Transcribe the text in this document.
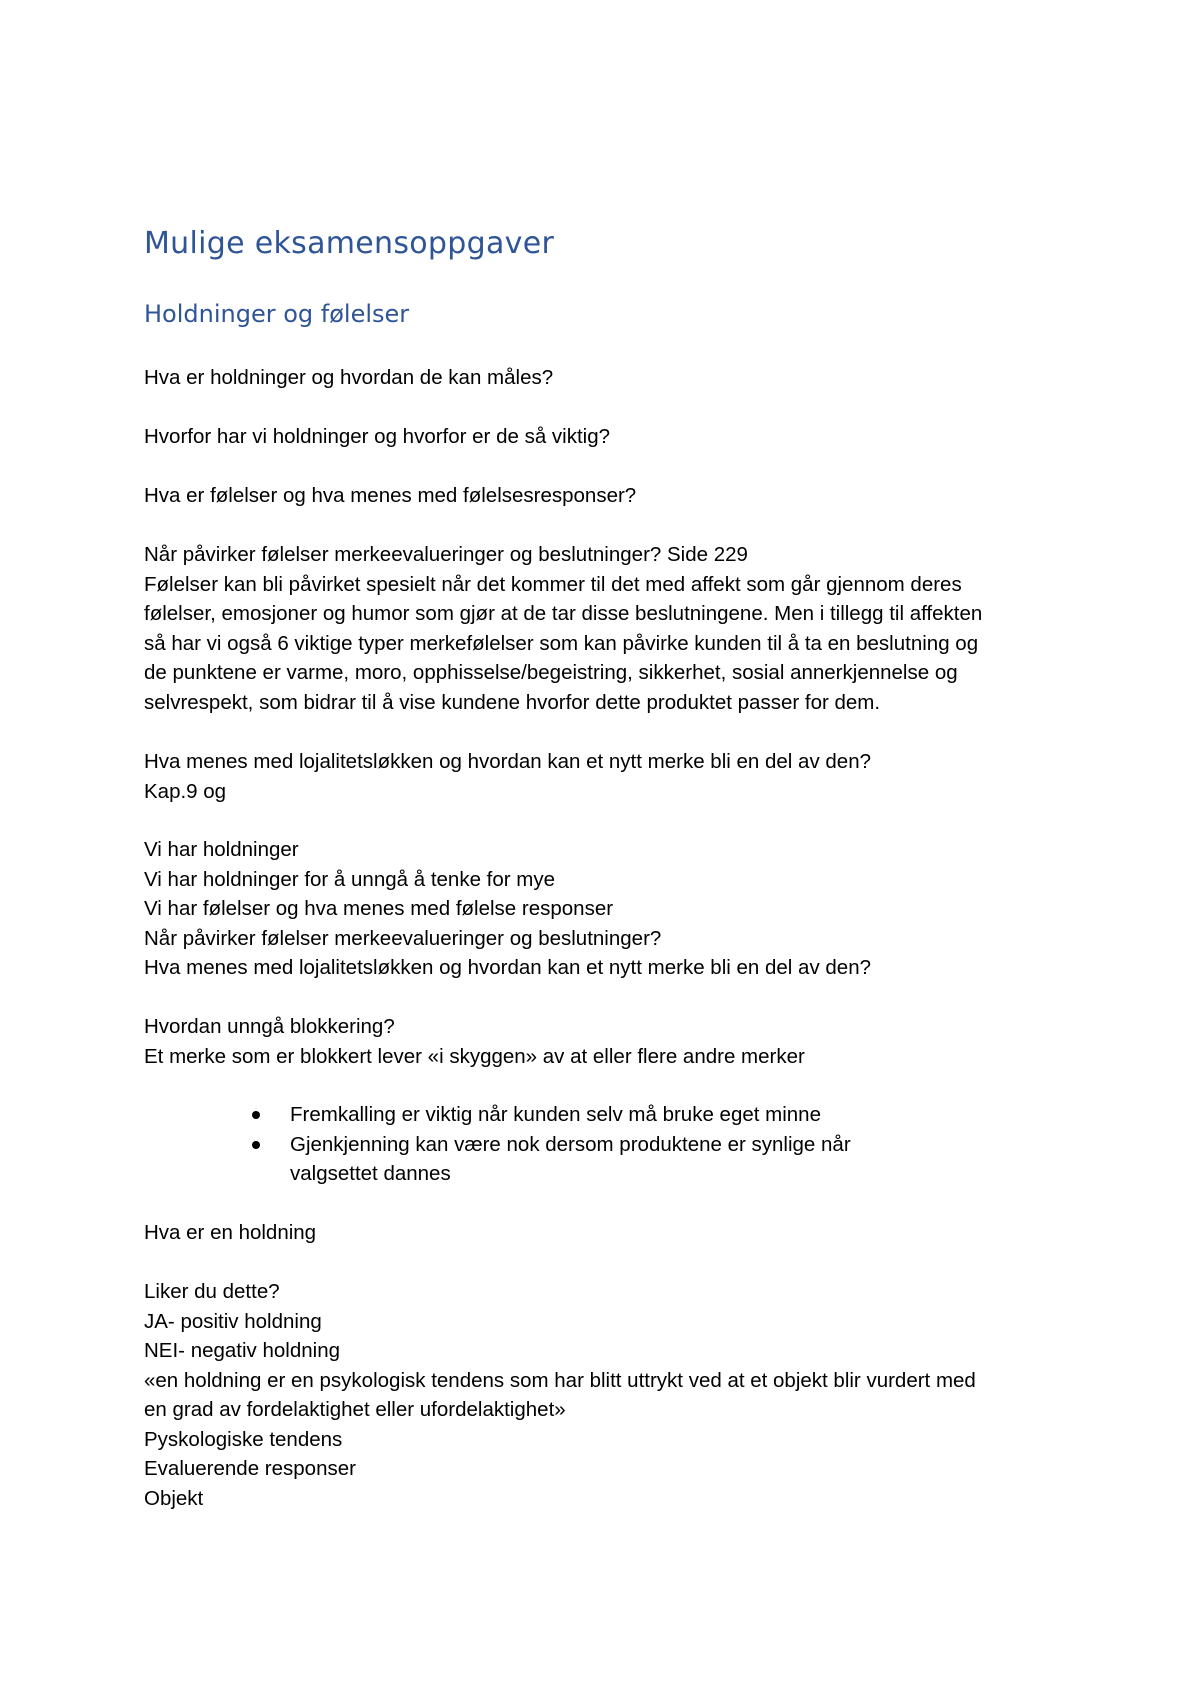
Mulige eksamensoppgaver
Holdninger og følelser

Hva er holdninger og hvordan de kan måles?

Hvorfor har vi holdninger og hvorfor er de så viktig?

Hva er følelser og hva menes med følelsesresponser?

Når påvirker følelser merkeevalueringer og beslutninger? Side 229

Følelser kan bli påvirket spesielt når det kommer til det med affekt som går gjennom deres

følelser, emosjoner og humor som gjør at de tar disse beslutningene. Men i tillegg til affekten

så har vi også 6 viktige typer merkefølelser som kan påvirke kunden til å ta en beslutning og

de punktene er varme, moro, opphisselse/begeistring, sikkerhet, sosial annerkjennelse og

selvrespekt, som bidrar til å vise kundene hvorfor dette produktet passer for dem.

Hva menes med lojalitetsløkken og hvordan kan et nytt merke bli en del av den?

Kap.9 og

Vi har holdninger

Vi har holdninger for å unngå å tenke for mye

Vi har følelser og hva menes med følelse responser

Når påvirker følelser merkeevalueringer og beslutninger?

Hva menes med lojalitetsløkken og hvordan kan et nytt merke bli en del av den?

Hvordan unngå blokkering?

Et merke som er blokkert lever «i skyggen» av at eller flere andre merker

Fremkalling er viktig når kunden selv må bruke eget minne
Gjenkjenning kan være nok dersom produktene er synlige når valgsettet dannes

Hva er en holdning

Liker du dette?

JA- positiv holdning

NEI- negativ holdning

«en holdning er en psykologisk tendens som har blitt uttrykt ved at et objekt blir vurdert med

en grad av fordelaktighet eller ufordelaktighet»

Pyskologiske tendens

Evaluerende responser

Objekt
